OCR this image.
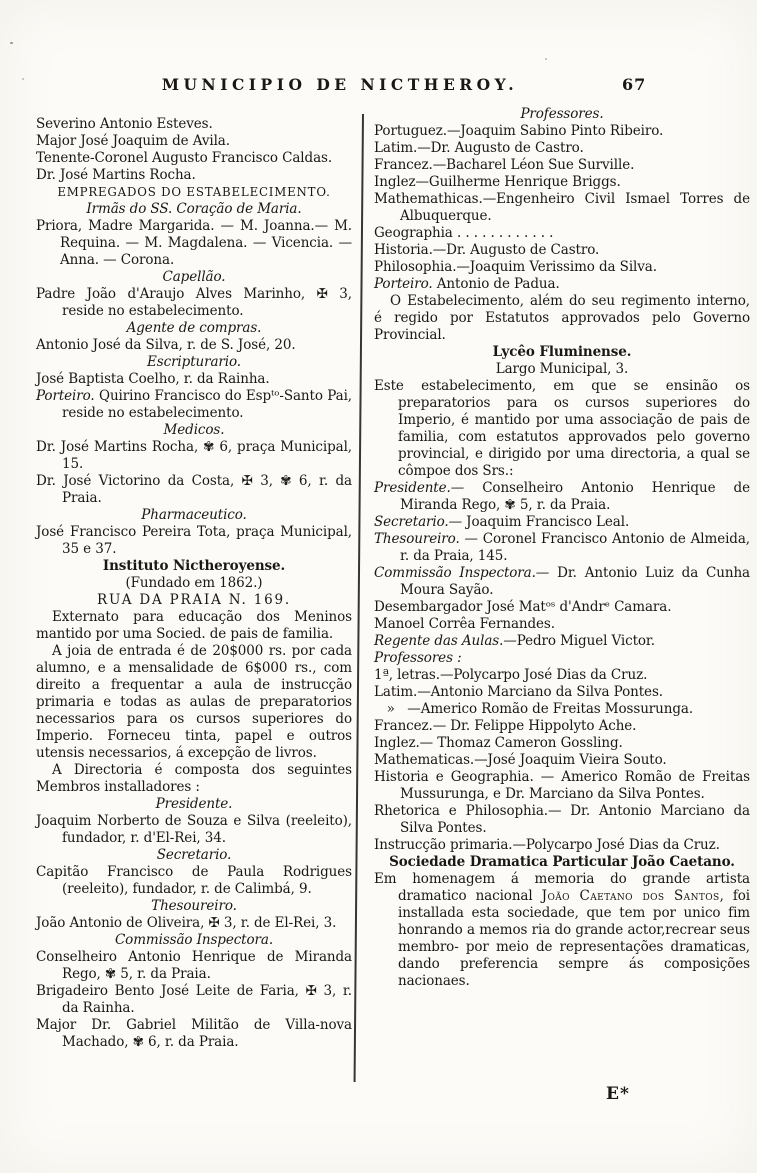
MUNICIPIO DE NICTHEROY.	67
Severino Antonio Esteves.
Major José Joaquim de Avila.
Tenente-Coronel Augusto Francisco Caldas.
Dr. José Martins Rocha.
EMPREGADOS DO ESTABELECIMENTO.
Irmãs do SS. Coração de Maria.
Priora, Madre Margarida. — M. Joanna.— M. Requina. — M. Magdalena. — Vicencia. — Anna. — Corona.
Capellão.
Padre João d'Araujo Alves Marinho, ✠ 3, reside no estabelecimento.
Agente de compras.
Antonio José da Silva, r. de S. José, 20.
Escripturario.
José Baptista Coelho, r. da Rainha.
Porteiro. Quirino Francisco do Espᵗᵒ-Santo Pai, reside no estabelecimento.
Medicos.
Dr. José Martins Rocha, ✾ 6, praça Municipal, 15.
Dr. José Victorino da Costa, ✠ 3, ✾ 6, r. da Praia.
Pharmaceutico.
José Francisco Pereira Tota, praça Municipal, 35 e 37.
Instituto Nictheroyense.
(Fundado em 1862.)
RUA DA PRAIA N. 169.
Externato para educação dos Meninos mantido por uma Socied. de pais de familia.
A joia de entrada é de 20$000 rs. por cada alumno, e a mensalidade de 6$000 rs., com direito a frequentar a aula de instrucção primaria e todas as aulas de preparatorios necessarios para os cursos superiores do Imperio. Forneceu tinta, papel e outros utensis necessarios, á excepção de livros.
A Directoria é composta dos seguintes Membros installadores :
Presidente.
Joaquim Norberto de Souza e Silva (reeleito), fundador, r. d'El-Rei, 34.
Secretario.
Capitão Francisco de Paula Rodrigues (reeleito), fundador, r. de Calimbá, 9.
Thesoureiro.
João Antonio de Oliveira, ✠ 3, r. de El-Rei, 3.
Commissão Inspectora.
Conselheiro Antonio Henrique de Miranda Rego, ✾ 5, r. da Praia.
Brigadeiro Bento José Leite de Faria, ✠ 3, r. da Rainha.
Major Dr. Gabriel Militão de Villa-nova Machado, ✾ 6, r. da Praia.
Professores.
Portuguez.—Joaquim Sabino Pinto Ribeiro.
Latim.—Dr. Augusto de Castro.
Francez.—Bacharel Léon Sue Surville.
Inglez—Guilherme Henrique Briggs.
Mathemathicas.—Engenheiro Civil Ismael Torres de Albuquerque.
Geographia . . . . . . . . . . . .
Historia.—Dr. Augusto de Castro.
Philosophia.—Joaquim Verissimo da Silva.
Porteiro. Antonio de Padua.
O Estabelecimento, além do seu regimento interno, é regido por Estatutos approvados pelo Governo Provincial.
Lycêo Fluminense.
Largo Municipal, 3.
Este estabelecimento, em que se ensinão os preparatorios para os cursos superiores do Imperio, é mantido por uma associação de pais de familia, com estatutos approvados pelo governo provincial, e dirigido por uma directoria, a qual se cômpoe dos Srs.:
Presidente.— Conselheiro Antonio Henrique de Miranda Rego, ✾ 5, r. da Praia.
Secretario.— Joaquim Francisco Leal.
Thesoureiro. — Coronel Francisco Antonio de Almeida, r. da Praia, 145.
Commissão Inspectora.— Dr. Antonio Luiz da Cunha Moura Sayão.
Desembargador José Matᵒˢ d'Andrᵉ Camara.
Manoel Corrêa Fernandes.
Regente das Aulas.—Pedro Miguel Victor.
Professores :
1ª, letras.—Polycarpo José Dias da Cruz.
Latim.—Antonio Marciano da Silva Pontes.
»   —Americo Romão de Freitas Mossurunga.
Francez.— Dr. Felippe Hippolyto Ache.
Inglez.— Thomaz Cameron Gossling.
Mathematicas.—José Joaquim Vieira Souto.
Historia e Geographia. — Americo Romão de Freitas Mussurunga, e Dr. Marciano da Silva Pontes.
Rhetorica e Philosophia.— Dr. Antonio Marciano da Silva Pontes.
Instrucção primaria.—Polycarpo José Dias da Cruz.
Sociedade Dramatica Particular João Caetano.
Em homenagem á memoria do grande artista dramatico nacional João Caetano dos Santos, foi installada esta sociedade, que tem por unico fim honrando a memos ria do grande actor,recrear seus membro- por meio de representações dramaticas, dando preferencia sempre ás composições nacionaes.
E*
